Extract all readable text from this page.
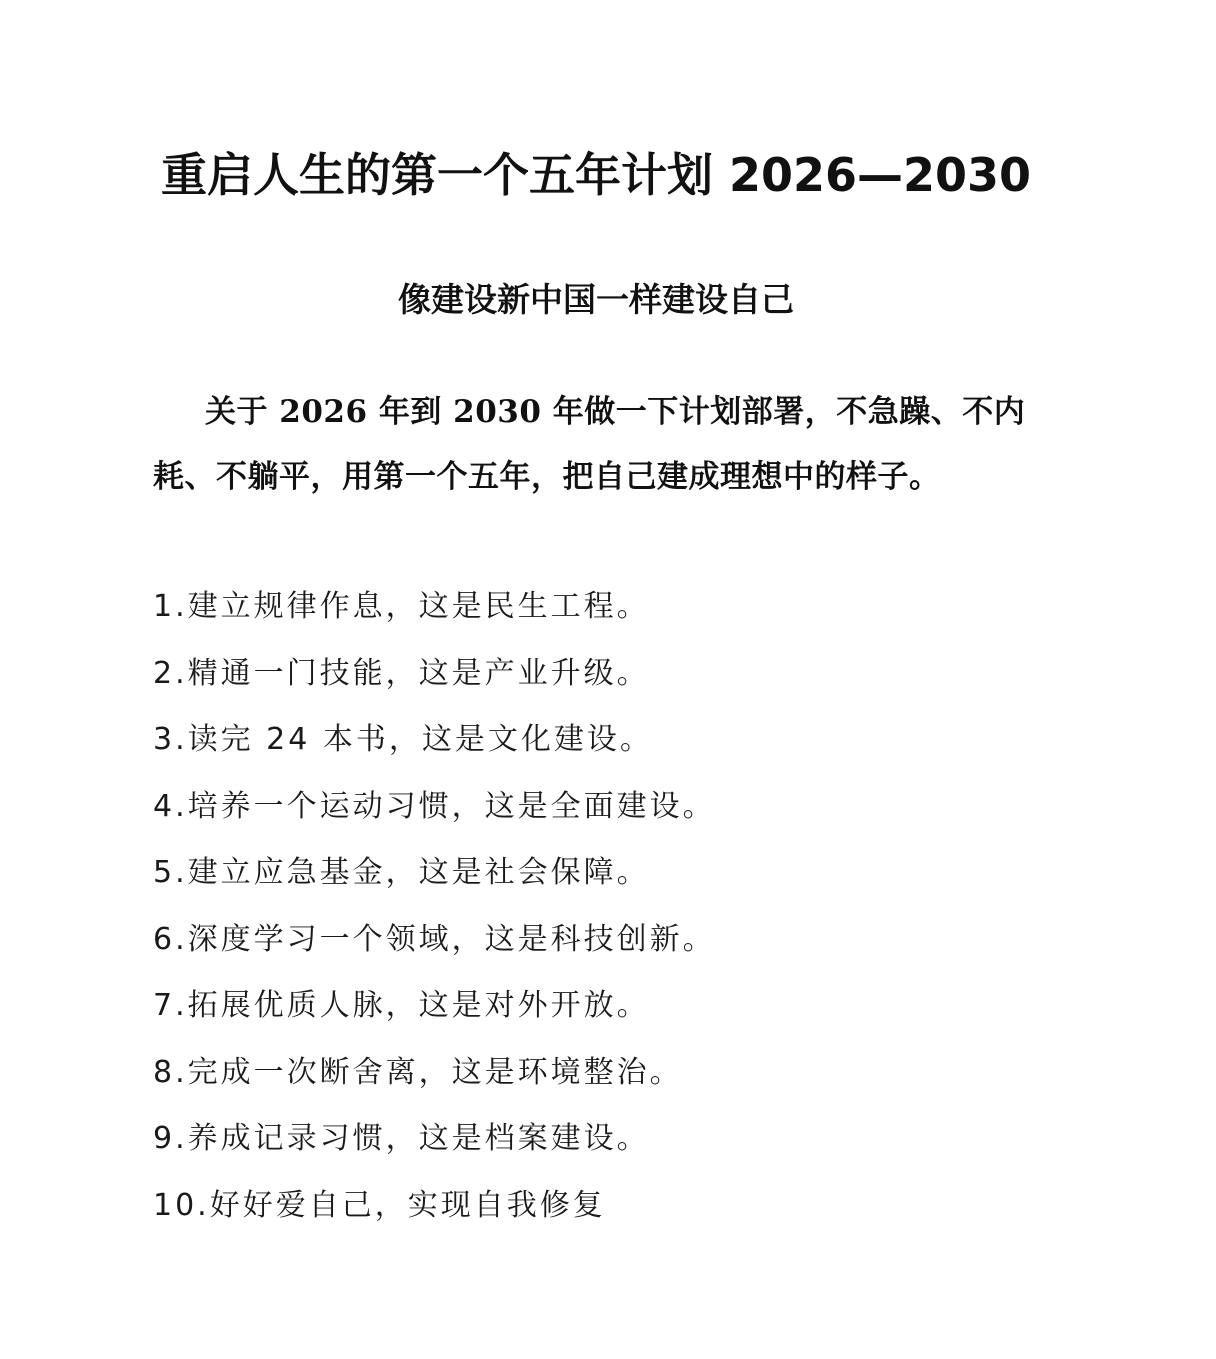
重启人生的第一个五年计划 2026—2030
像建设新中国一样建设自己

关于 2026 年到 2030 年做一下计划部署，不急躁、不内耗、不躺平，用第一个五年，把自己建成理想中的样子。

1.建立规律作息，这是民生工程。
2.精通一门技能，这是产业升级。
3.读完 24 本书，这是文化建设。
4.培养一个运动习惯，这是全面建设。
5.建立应急基金，这是社会保障。
6.深度学习一个领域，这是科技创新。
7.拓展优质人脉，这是对外开放。
8.完成一次断舍离，这是环境整治。
9.养成记录习惯，这是档案建设。
10.好好爱自己，实现自我修复
